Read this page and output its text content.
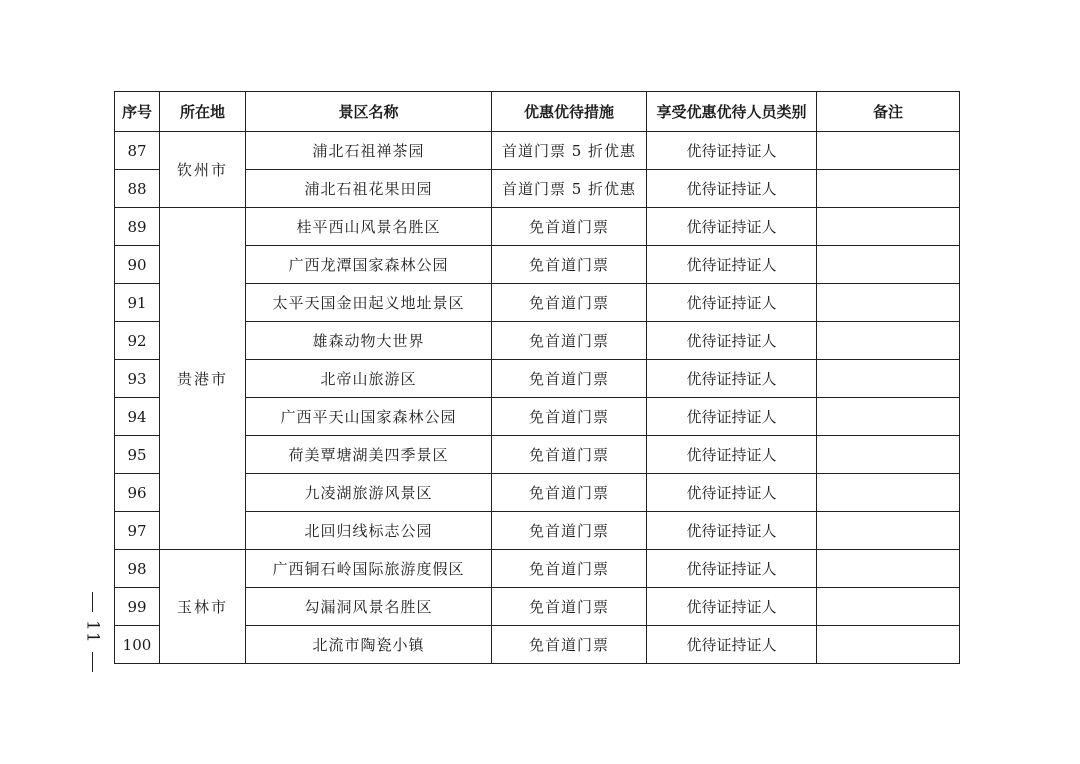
序号	所在地	景区名称	优惠优待措施	享受优惠优待人员类别	备注
87	钦州市	浦北石祖禅茶园	首道门票 5 折优惠	优待证持证人	
88		浦北石祖花果田园	首道门票 5 折优惠	优待证持证人	
89	贵港市	桂平西山风景名胜区	免首道门票	优待证持证人	
90		广西龙潭国家森林公园	免首道门票	优待证持证人	
91		太平天国金田起义地址景区	免首道门票	优待证持证人	
92		雄森动物大世界	免首道门票	优待证持证人	
93		北帝山旅游区	免首道门票	优待证持证人	
94		广西平天山国家森林公园	免首道门票	优待证持证人	
95		荷美覃塘湖美四季景区	免首道门票	优待证持证人	
96		九凌湖旅游风景区	免首道门票	优待证持证人	
97		北回归线标志公园	免首道门票	优待证持证人	
98	玉林市	广西铜石岭国际旅游度假区	免首道门票	优待证持证人	
99		勾漏洞风景名胜区	免首道门票	优待证持证人	
100		北流市陶瓷小镇	免首道门票	优待证持证人	
11
